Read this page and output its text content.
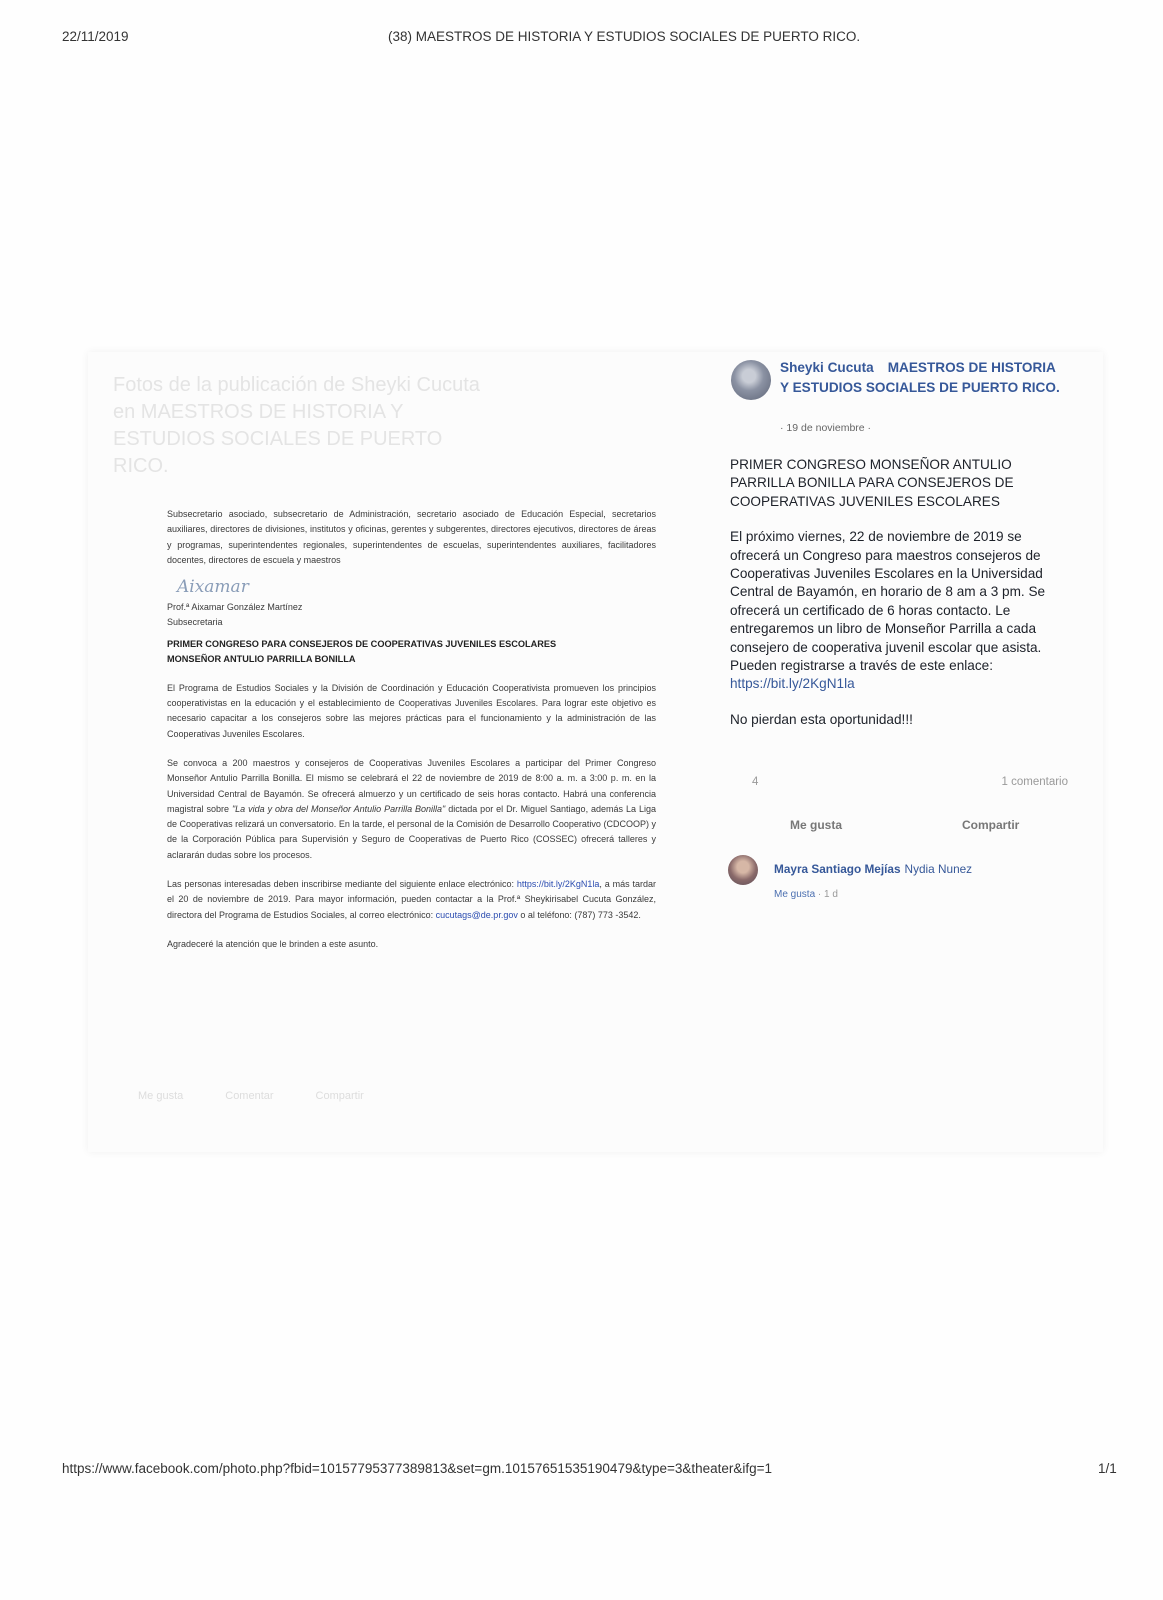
22/11/2019	(38) MAESTROS DE HISTORIA Y ESTUDIOS SOCIALES DE PUERTO RICO.
Fotos de la publicación de Sheyki Cucuta en MAESTROS DE HISTORIA Y ESTUDIOS SOCIALES DE PUERTO RICO.

Subsecretario asociado, subsecretario de Administración, secretario asociado de Educación Especial, secretarios auxiliares, directores de divisiones, institutos y oficinas, gerentes y subgerentes, directores ejecutivos, directores de áreas y programas, superintendentes regionales, superintendentes de escuelas, superintendentes auxiliares, facilitadores docentes, directores de escuela y maestros

Aixamar

Prof.ª Aixamar González Martínez

Subsecretaria

PRIMER CONGRESO PARA CONSEJEROS DE COOPERATIVAS JUVENILES ESCOLARES

MONSEÑOR ANTULIO PARRILLA BONILLA

El Programa de Estudios Sociales y la División de Coordinación y Educación Cooperativista promueven los principios cooperativistas en la educación y el establecimiento de Cooperativas Juveniles Escolares. Para lograr este objetivo es necesario capacitar a los consejeros sobre las mejores prácticas para el funcionamiento y la administración de las Cooperativas Juveniles Escolares.

Se convoca a 200 maestros y consejeros de Cooperativas Juveniles Escolares a participar del Primer Congreso Monseñor Antulio Parrilla Bonilla. El mismo se celebrará el 22 de noviembre de 2019 de 8:00 a. m. a 3:00 p. m. en la Universidad Central de Bayamón. Se ofrecerá almuerzo y un certificado de seis horas contacto. Habrá una conferencia magistral sobre "La vida y obra del Monseñor Antulio Parrilla Bonilla" dictada por el Dr. Miguel Santiago, además La Liga de Cooperativas relizará un conversatorio. En la tarde, el personal de la Comisión de Desarrollo Cooperativo (CDCOOP) y de la Corporación Pública para Supervisión y Seguro de Cooperativas de Puerto Rico (COSSEC) ofrecerá talleres y aclararán dudas sobre los procesos.

Las personas interesadas deben inscribirse mediante del siguiente enlace electrónico: https://bit.ly/2KgN1la, a más tardar el 20 de noviembre de 2019. Para mayor información, pueden contactar a la Prof.ª Sheykirisabel Cucuta González, directora del Programa de Estudios Sociales, al correo electrónico: cucutags@de.pr.gov o al teléfono: (787) 773 -3542.

Agradeceré la atención que le brinden a este asunto.

Me gusta	Comentar	Compartir
Sheyki Cucuta MAESTROS DE HISTORIA Y ESTUDIOS SOCIALES DE PUERTO RICO.
· 19 de noviembre ·

PRIMER CONGRESO MONSEÑOR ANTULIO PARRILLA BONILLA PARA CONSEJEROS DE COOPERATIVAS JUVENILES ESCOLARES

El próximo viernes, 22 de noviembre de 2019 se ofrecerá un Congreso para maestros consejeros de Cooperativas Juveniles Escolares en la Universidad Central de Bayamón, en horario de 8 am a 3 pm. Se ofrecerá un certificado de 6 horas contacto. Le entregaremos un libro de Monseñor Parrilla a cada consejero de cooperativa juvenil escolar que asista. Pueden registrarse a través de este enlace:

https://bit.ly/2KgN1la

No pierdan esta oportunidad!!!

4	1 comentario
Me gusta	Compartir
Mayra Santiago Mejías Nydia Nunez
Me gusta · 1 d
https://www.facebook.com/photo.php?fbid=10157795377389813&set=gm.10157651535190479&type=3&theater&ifg=1	1/1
